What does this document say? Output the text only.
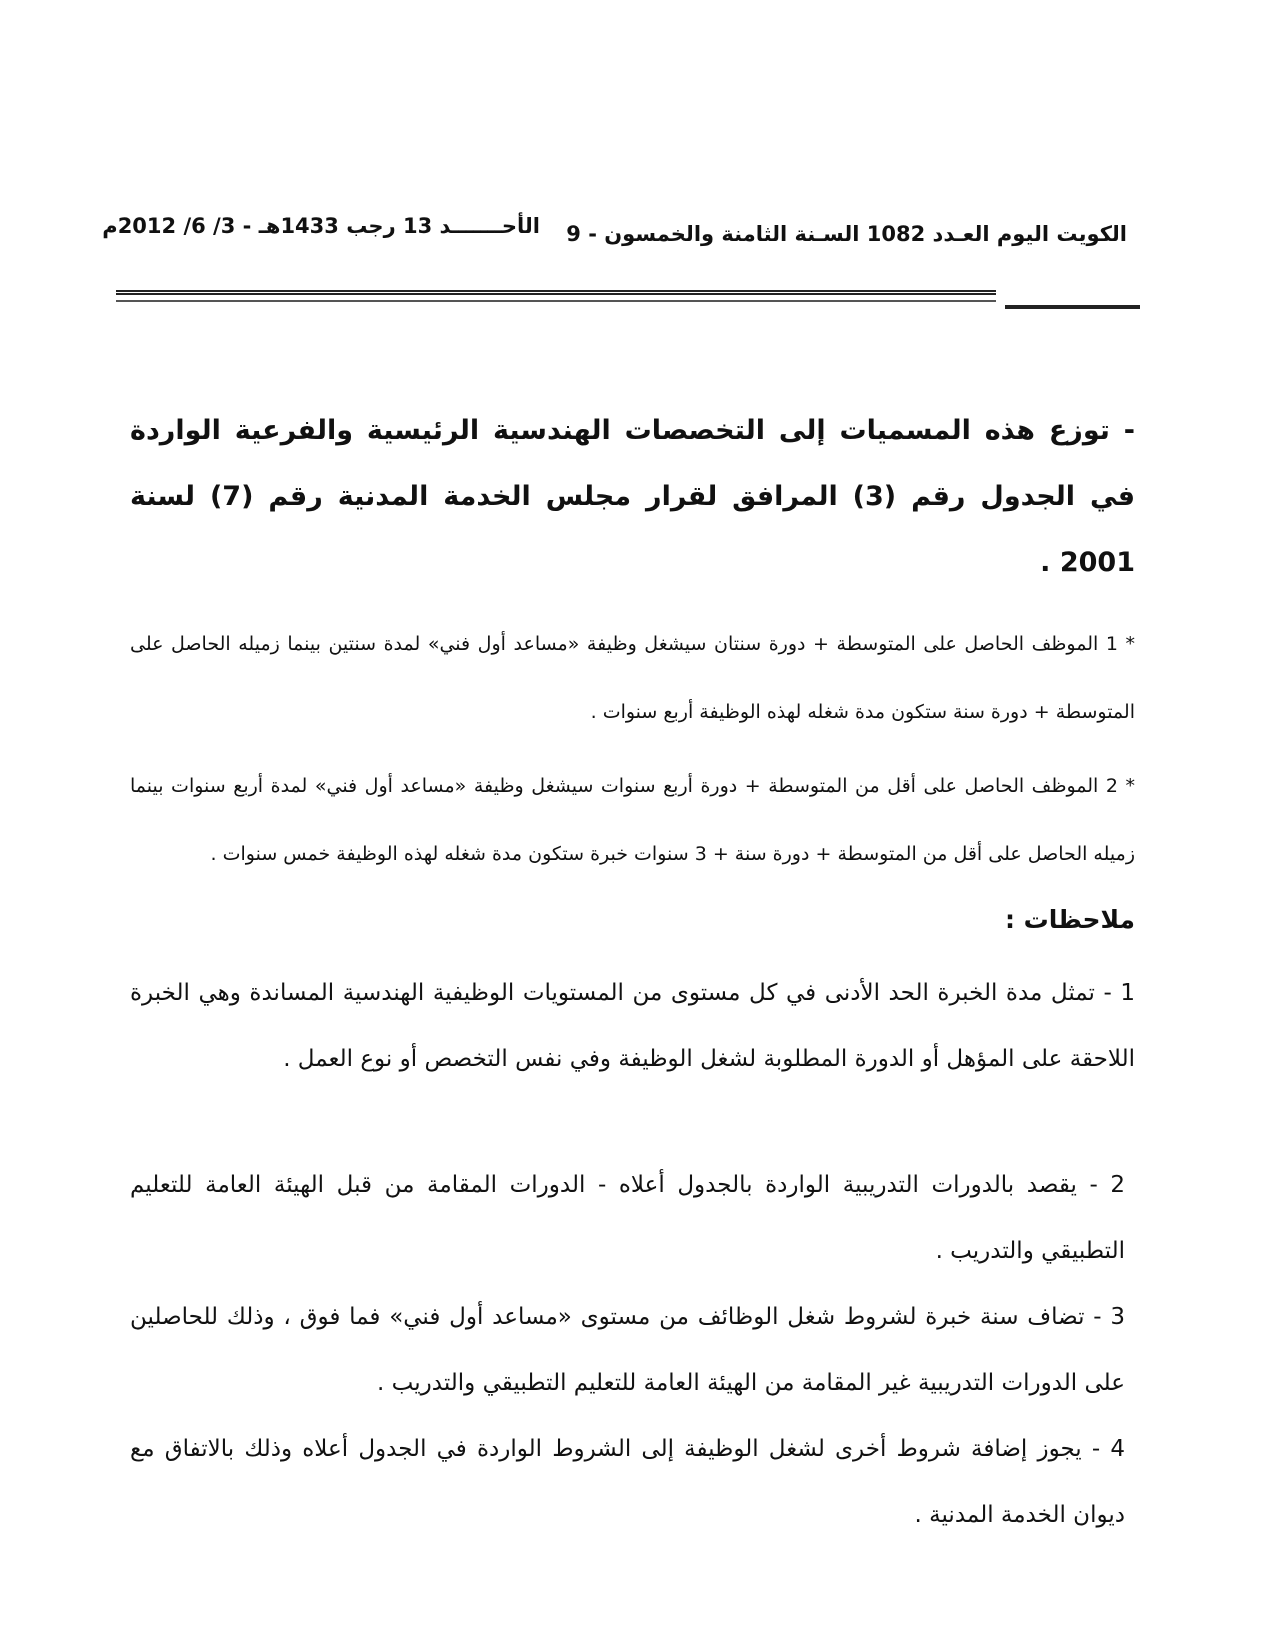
الكويت اليوم العـدد 1082 السـنة الثامنة والخمسون - 9
الأحـــــــد 13 رجب 1433هـ - 3/ 6/ 2012م

- توزع هذه المسميات إلى التخصصات الهندسية الرئيسية والفرعية الواردة في الجدول رقم (3) المرافق لقرار مجلس الخدمة المدنية رقم (7) لسنة 2001 .

* 1 الموظف الحاصل على المتوسطة + دورة سنتان سيشغل وظيفة «مساعد أول فني» لمدة سنتين بينما زميله الحاصل على المتوسطة + دورة سنة ستكون مدة شغله لهذه الوظيفة أربع سنوات .

* 2 الموظف الحاصل على أقل من المتوسطة + دورة أربع سنوات سيشغل وظيفة «مساعد أول فني» لمدة أربع سنوات بينما زميله الحاصل على أقل من المتوسطة + دورة سنة + 3 سنوات خبرة ستكون مدة شغله لهذه الوظيفة خمس سنوات .

ملاحظات :

1 - تمثل مدة الخبرة الحد الأدنى في كل مستوى من المستويات الوظيفية الهندسية المساندة وهي الخبرة اللاحقة على المؤهل أو الدورة المطلوبة لشغل الوظيفة وفي نفس التخصص أو نوع العمل .

2 - يقصد بالدورات التدريبية الواردة بالجدول أعلاه - الدورات المقامة من قبل الهيئة العامة للتعليم التطبيقي والتدريب .

3 - تضاف سنة خبرة لشروط شغل الوظائف من مستوى «مساعد أول فني» فما فوق ، وذلك للحاصلين على الدورات التدريبية غير المقامة من الهيئة العامة للتعليم التطبيقي والتدريب .

4 - يجوز إضافة شروط أخرى لشغل الوظيفة إلى الشروط الواردة في الجدول أعلاه وذلك بالاتفاق مع ديوان الخدمة المدنية .
